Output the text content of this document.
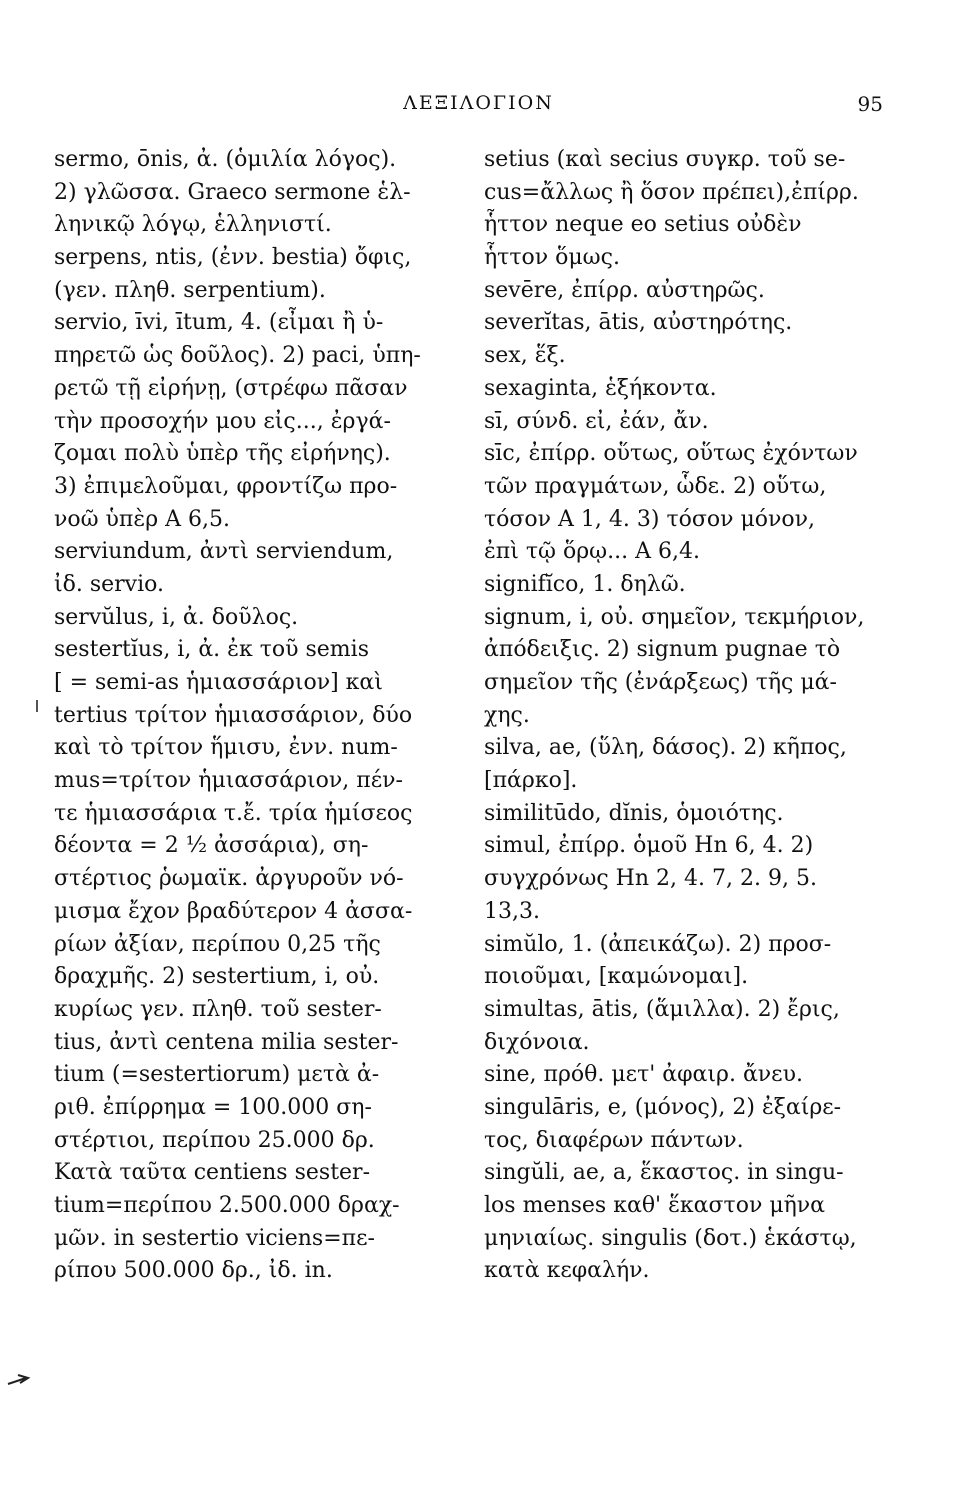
ΛΕΞΙΛΟΓΙΟΝ	95
sermo, ōnis, ἀ. (ὁμιλία λόγος).
2) γλῶσσα. Graeco sermone ἑλ-
ληνικῷ λόγῳ, ἑλληνιστί.
serpens, ntis, (ἐνν. bestia) ὄφις,
(γεν. πληθ. serpentium).
servio, īvi, ītum, 4. (εἶμαι ἢ ὑ-
πηρετῶ ὡς δοῦλος). 2) paci, ὑπη-
ρετῶ τῇ εἰρήνῃ, (στρέφω πᾶσαν
τὴν προσοχήν μου εἰς..., ἐργά-
ζομαι πολὺ ὑπὲρ τῆς εἰρήνης).
3) ἐπιμελοῦμαι, φροντίζω προ-
νοῶ ὑπὲρ Α 6,5.
serviundum, ἀντὶ serviendum,
ἰδ. servio.
servŭlus, i, ἀ. δοῦλος.
sestertĭus, i, ἀ. ἐκ τοῦ semis
[ = semi-as ἡμιασσάριον] καὶ
tertius τρίτον ἡμιασσάριον, δύο
καὶ τὸ τρίτον ἥμισυ, ἐνν. num-
mus=τρίτον ἡμιασσάριον, πέν-
τε ἡμιασσάρια τ.ἔ. τρία ἡμίσεος
δέοντα = 2 ½ ἀσσάρια), ση-
στέρτιος ῥωμαϊκ. ἀργυροῦν νό-
μισμα ἔχον βραδύτερον 4 ἀσσα-
ρίων ἀξίαν, περίπου 0,25 τῆς
δραχμῆς. 2) sestertium, i, οὐ.
κυρίως γεν. πληθ. τοῦ sester-
tius, ἀντὶ centena milia sester-
tium (=sestertiorum) μετὰ ἀ-
ριθ. ἐπίρρημα = 100.000 ση-
στέρτιοι, περίπου 25.000 δρ.
Κατὰ ταῦτα centiens sester-
tium=περίπου 2.500.000 δραχ-
μῶν. in sestertio viciens=πε-
ρίπου 500.000 δρ., ἰδ. in.
setius (καὶ secius συγκρ. τοῦ se-
cus=ἄλλως ἢ ὅσον πρέπει),ἐπίρρ.
ἧττον neque eo setius οὐδὲν
ἧττον ὅμως.
sevēre, ἐπίρρ. αὐστηρῶς.
severĭtas, ātis, αὐστηρότης.
sex, ἕξ.
sexaginta, ἑξήκοντα.
sī, σύνδ. εἰ, ἐάν, ἄν.
sīc, ἐπίρρ. οὕτως, οὕτως ἐχόντων
τῶν πραγμάτων, ὧδε. 2) οὕτω,
τόσον Α 1, 4. 3) τόσον μόνον,
ἐπὶ τῷ ὅρῳ... Α 6,4.
signifĭco, 1. δηλῶ.
signum, i, οὐ. σημεῖον, τεκμήριον,
ἀπόδειξις. 2) signum pugnae τὸ
σημεῖον τῆς (ἐνάρξεως) τῆς μά-
χης.
silva, ae, (ὕλη, δάσος). 2) κῆπος,
[πάρκο].
similitūdo, dĭnis, ὁμοιότης.
simul, ἐπίρρ. ὁμοῦ Hn 6, 4. 2)
συγχρόνως Hn 2, 4. 7, 2. 9, 5.
13,3.
simŭlo, 1. (ἀπεικάζω). 2) προσ-
ποιοῦμαι, [καμώνομαι].
simultas, ātis, (ἅμιλλα). 2) ἔρις,
διχόνοια.
sine, πρόθ. μετ' ἀφαιρ. ἄνευ.
singulāris, e, (μόνος), 2) ἐξαίρε-
τος, διαφέρων πάντων.
singŭli, ae, a, ἕκαστος. in singu-
los menses καθ' ἕκαστον μῆνα
μηνιαίως. singulis (δοτ.) ἑκάστῳ,
κατὰ κεφαλήν.
